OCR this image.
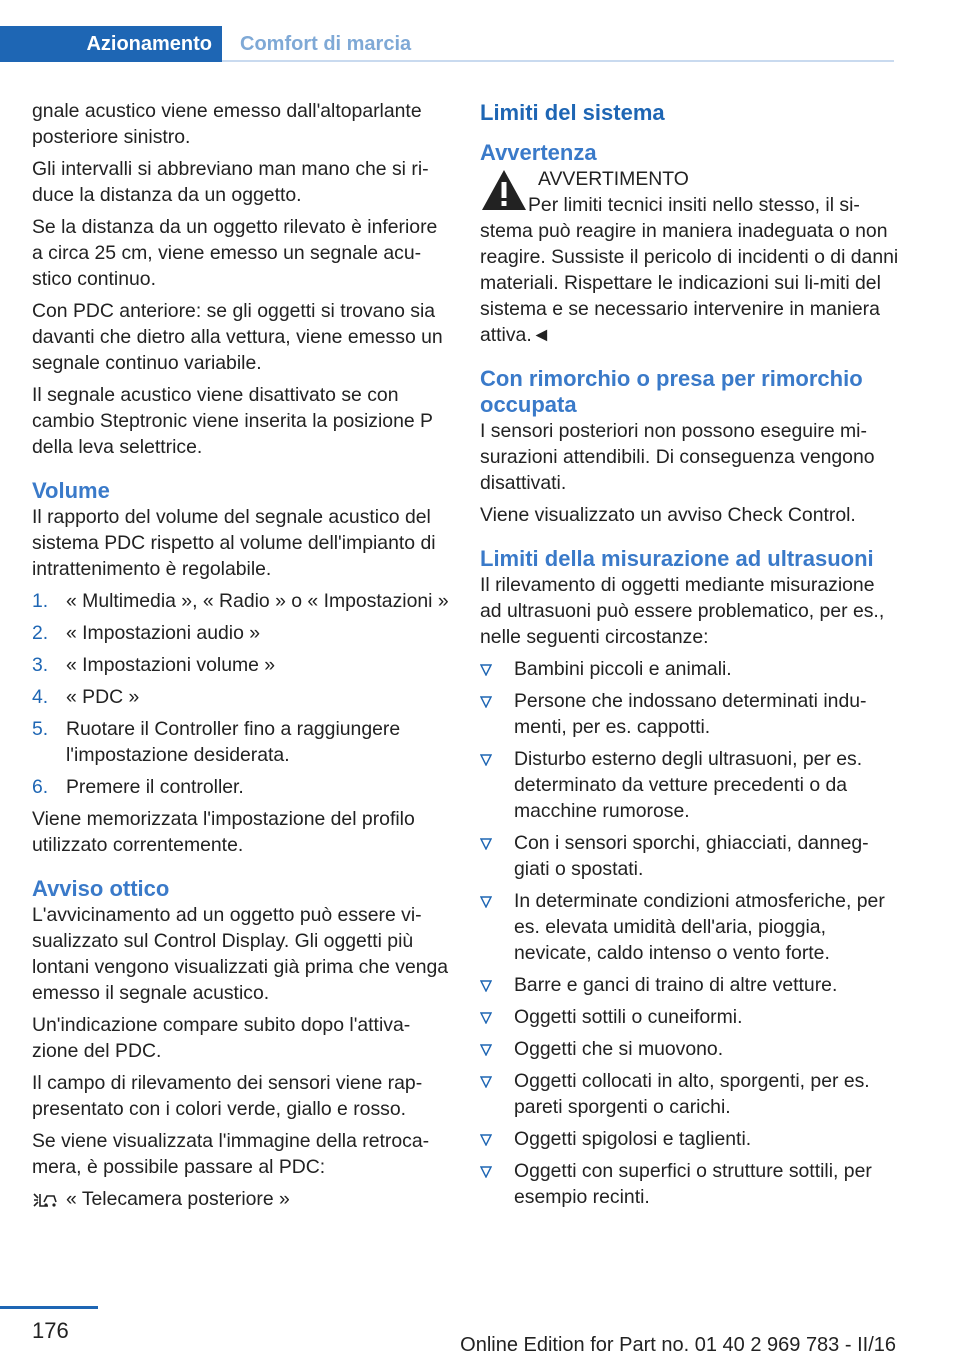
Azionamento Comfort di marcia

gnale acustico viene emesso dall'altoparlante posteriore sinistro.

Gli intervalli si abbreviano man mano che si ri-duce la distanza da un oggetto.

Se la distanza da un oggetto rilevato è inferiore a circa 25 cm, viene emesso un segnale acu-stico continuo.

Con PDC anteriore: se gli oggetti si trovano sia davanti che dietro alla vettura, viene emesso un segnale continuo variabile.

Il segnale acustico viene disattivato se con cambio Steptronic viene inserita la posizione P della leva selettrice.

Volume

Il rapporto del volume del segnale acustico del sistema PDC rispetto al volume dell'impianto di intrattenimento è regolabile.

1. « Multimedia », « Radio » o « Impostazioni »
2. « Impostazioni audio »
3. « Impostazioni volume »
4. « PDC »
5. Ruotare il Controller fino a raggiungere l'impostazione desiderata.
6. Premere il controller.

Viene memorizzata l'impostazione del profilo utilizzato correntemente.

Avviso ottico

L'avvicinamento ad un oggetto può essere vi-sualizzato sul Control Display. Gli oggetti più lontani vengono visualizzati già prima che venga emesso il segnale acustico.

Un'indicazione compare subito dopo l'attiva-zione del PDC.

Il campo di rilevamento dei sensori viene rap-presentato con i colori verde, giallo e rosso.

Se viene visualizzata l'immagine della retroca-mera, è possibile passare al PDC:

« Telecamera posteriore »
Limiti del sistema
Avvertenza
AVVERTIMENTO

Per limiti tecnici insiti nello stesso, il si-stema può reagire in maniera inadeguata o non reagire. Sussiste il pericolo di incidenti o di danni materiali. Rispettare le indicazioni sui li-miti del sistema e se necessario intervenire in maniera attiva.◄

Con rimorchio o presa per rimorchio occupata

I sensori posteriori non possono eseguire mi-surazioni attendibili. Di conseguenza vengono disattivati.

Viene visualizzato un avviso Check Control.

Limiti della misurazione ad ultrasuoni

Il rilevamento di oggetti mediante misurazione ad ultrasuoni può essere problematico, per es., nelle seguenti circostanze:

Bambini piccoli e animali.
Persone che indossano determinati indu-menti, per es. cappotti.
Disturbo esterno degli ultrasuoni, per es. determinato da vetture precedenti o da macchine rumorose.
Con i sensori sporchi, ghiacciati, danneg-giati o spostati.
In determinate condizioni atmosferiche, per es. elevata umidità dell'aria, pioggia, nevicate, caldo intenso o vento forte.
Barre e ganci di traino di altre vetture.
Oggetti sottili o cuneiformi.
Oggetti che si muovono.
Oggetti collocati in alto, sporgenti, per es. pareti sporgenti o carichi.
Oggetti spigolosi e taglienti.
Oggetti con superfici o strutture sottili, per esempio recinti.
176
Online Edition for Part no. 01 40 2 969 783 - II/16
